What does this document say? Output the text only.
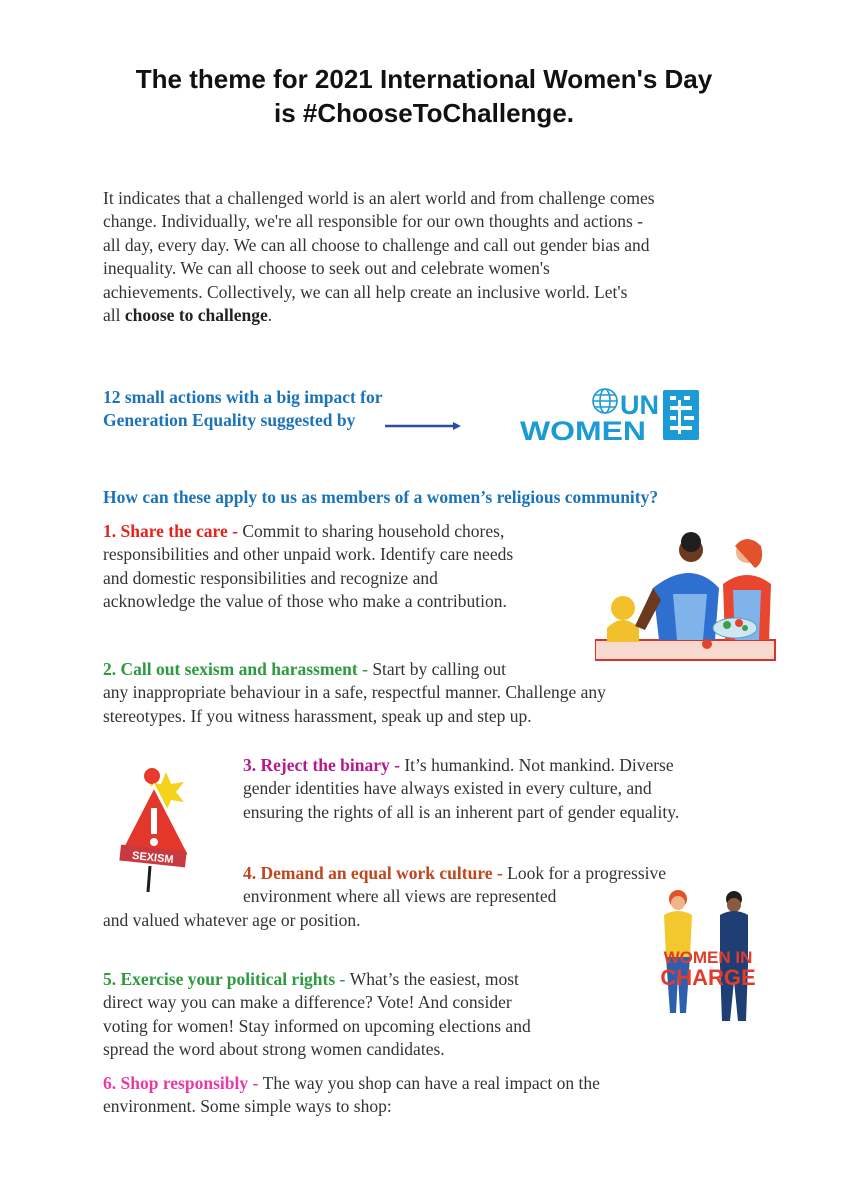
The theme for 2021 International Women's Day
is #ChooseToChallenge.

It indicates that a challenged world is an alert world and from challenge comes
change. Individually, we're all responsible for our own thoughts and actions -
all day, every day. We can all choose to challenge and call out gender bias and
inequality. We can all choose to seek out and celebrate women's
achievements. Collectively, we can all help create an inclusive world. Let's
all choose to challenge.

12 small actions with a big impact for
Generation Equality suggested by

UN
WOMEN

How can these apply to us as members of a women’s religious community?

1. Share the care - Commit to sharing household chores,
responsibilities and other unpaid work. Identify care needs
and domestic responsibilities and recognize and
acknowledge the value of those who make a contribution.

2. Call out sexism and harassment - Start by calling out
any inappropriate behaviour in a safe, respectful manner. Challenge any
stereotypes. If you witness harassment, speak up and step up.

SEXISM

3. Reject the binary - It’s humankind. Not mankind. Diverse
gender identities have always existed in every culture, and
ensuring the rights of all is an inherent part of gender equality.

4. Demand an equal work culture - Look for a progressive
environment where all views are represented

and valued whatever age or position.

WOMEN IN
CHARGE

5. Exercise your political rights - What’s the easiest, most
direct way you can make a difference? Vote! And consider
voting for women! Stay informed on upcoming elections and
spread the word about strong women candidates.

6. Shop responsibly - The way you shop can have a real impact on the
environment. Some simple ways to shop:
